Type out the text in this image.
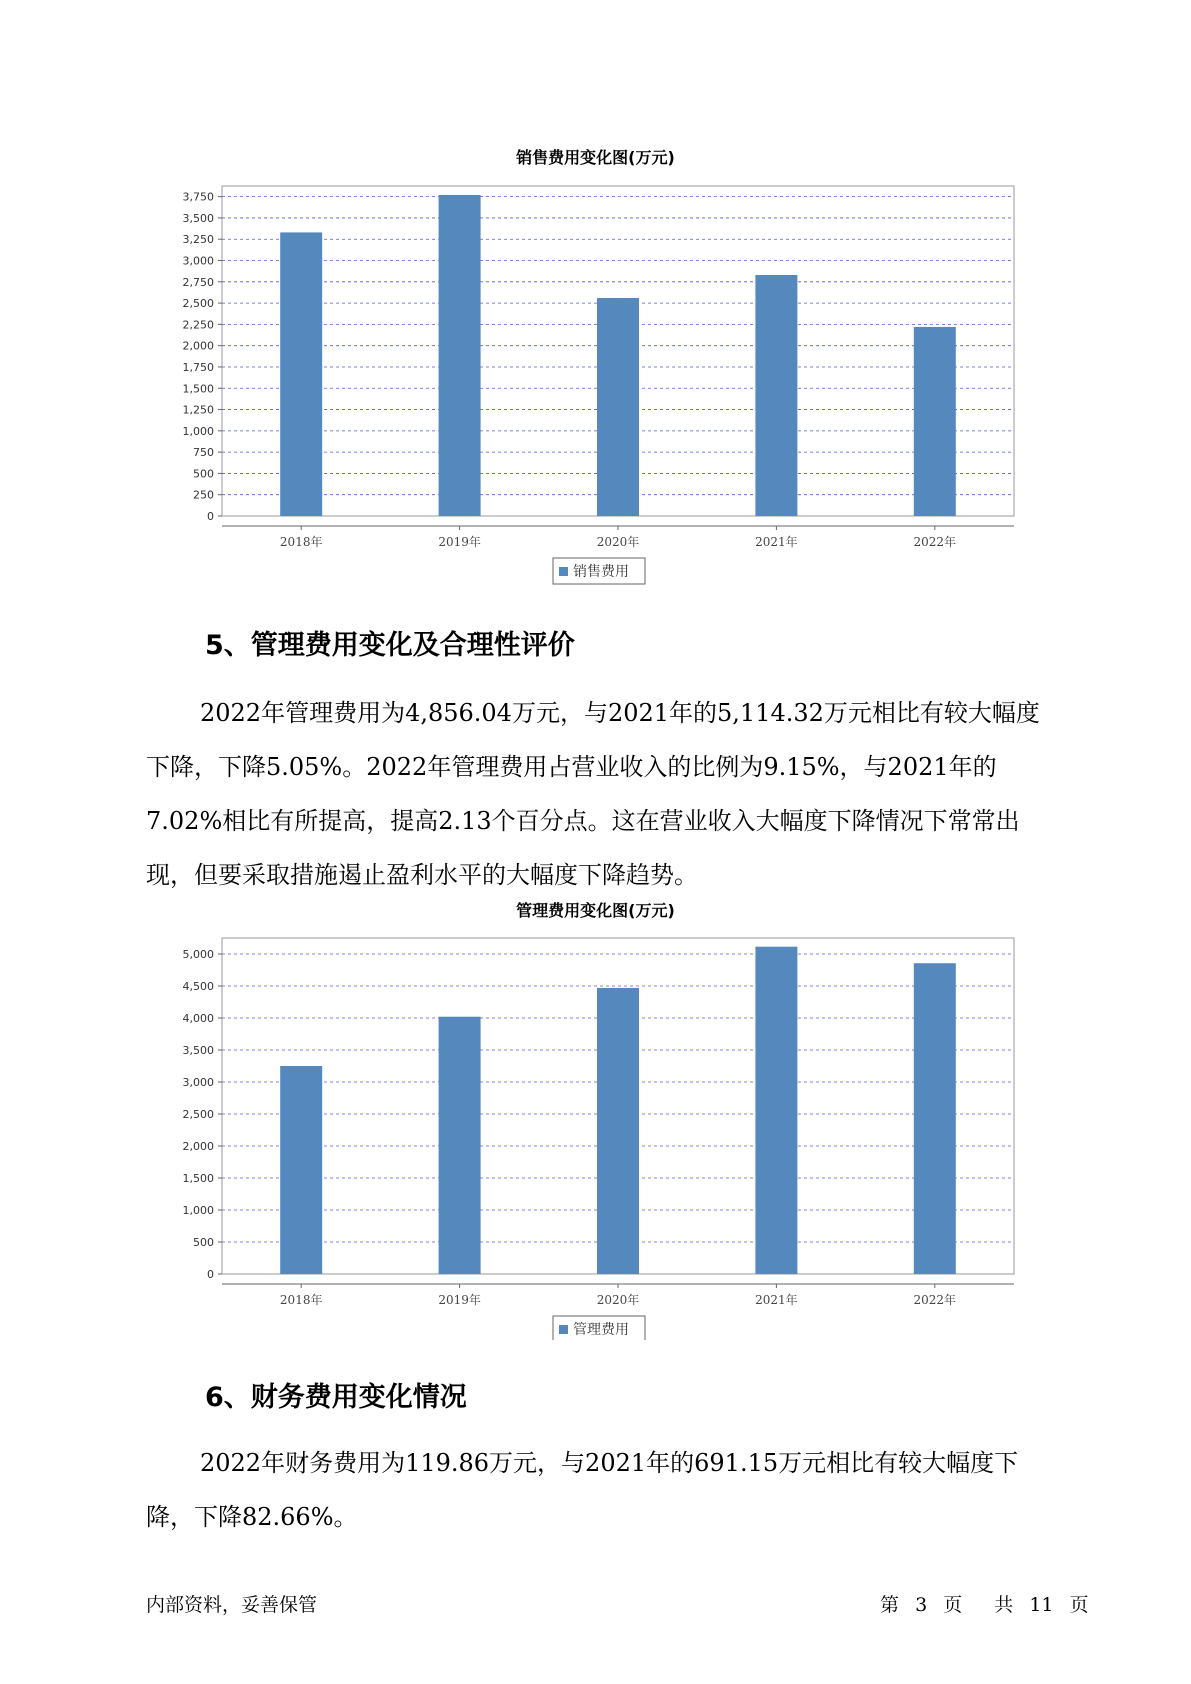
销售费用变化图(万元)
0
250
500
750
1,000
1,250
1,500
1,750
2,000
2,250
2,500
2,750
3,000
3,250
3,500
3,750
2018年	2019年	2020年	2021年	2022年
销售费用
5、管理费用变化及合理性评价

2022年管理费用为4,856.04万元，与2021年的5,114.32万元相比有较大幅度下降，下降5.05%。2022年管理费用占营业收入的比例为9.15%，与2021年的7.02%相比有所提高，提高2.13个百分点。这在营业收入大幅度下降情况下常常出现，但要采取措施遏止盈利水平的大幅度下降趋势。

管理费用变化图(万元)
0
500
1,000
1,500
2,000
2,500
3,000
3,500
4,000
4,500
5,000
2018年	2019年	2020年	2021年	2022年
管理费用
6、财务费用变化情况

2022年财务费用为119.86万元，与2021年的691.15万元相比有较大幅度下降，下降82.66%。

内部资料，妥善保管	第 3 页 共 11 页
